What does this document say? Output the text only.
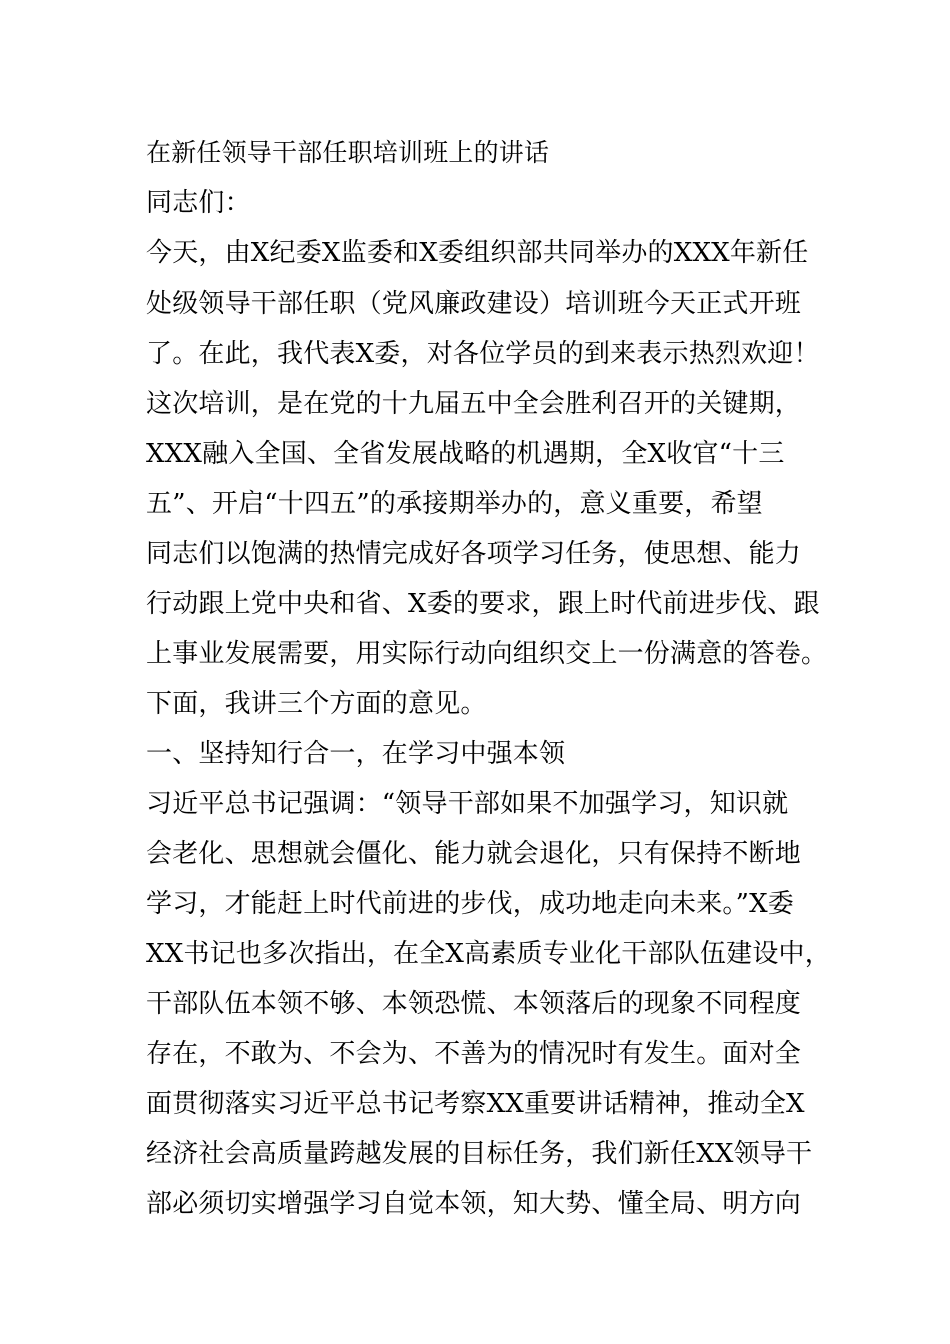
在新任领导干部任职培训班上的讲话
同志们：
今天，由X纪委X监委和X委组织部共同举办的XXX年新任
处级领导干部任职（党风廉政建设）培训班今天正式开班
了。在此，我代表X委，对各位学员的到来表示热烈欢迎！
这次培训，是在党的十九届五中全会胜利召开的关键期，
XXX融入全国、全省发展战略的机遇期，全X收官“十三
五”、开启“十四五”的承接期举办的，意义重要，希望
同志们以饱满的热情完成好各项学习任务，使思想、能力
行动跟上党中央和省、X委的要求，跟上时代前进步伐、跟
上事业发展需要，用实际行动向组织交上一份满意的答卷。
下面，我讲三个方面的意见。
一、坚持知行合一，在学习中强本领
习近平总书记强调：“领导干部如果不加强学习，知识就
会老化、思想就会僵化、能力就会退化，只有保持不断地
学习，才能赶上时代前进的步伐，成功地走向未来。”X委
XX书记也多次指出，在全X高素质专业化干部队伍建设中，
干部队伍本领不够、本领恐慌、本领落后的现象不同程度
存在，不敢为、不会为、不善为的情况时有发生。面对全
面贯彻落实习近平总书记考察XX重要讲话精神，推动全X
经济社会高质量跨越发展的目标任务，我们新任XX领导干
部必须切实增强学习自觉本领，知大势、懂全局、明方向
